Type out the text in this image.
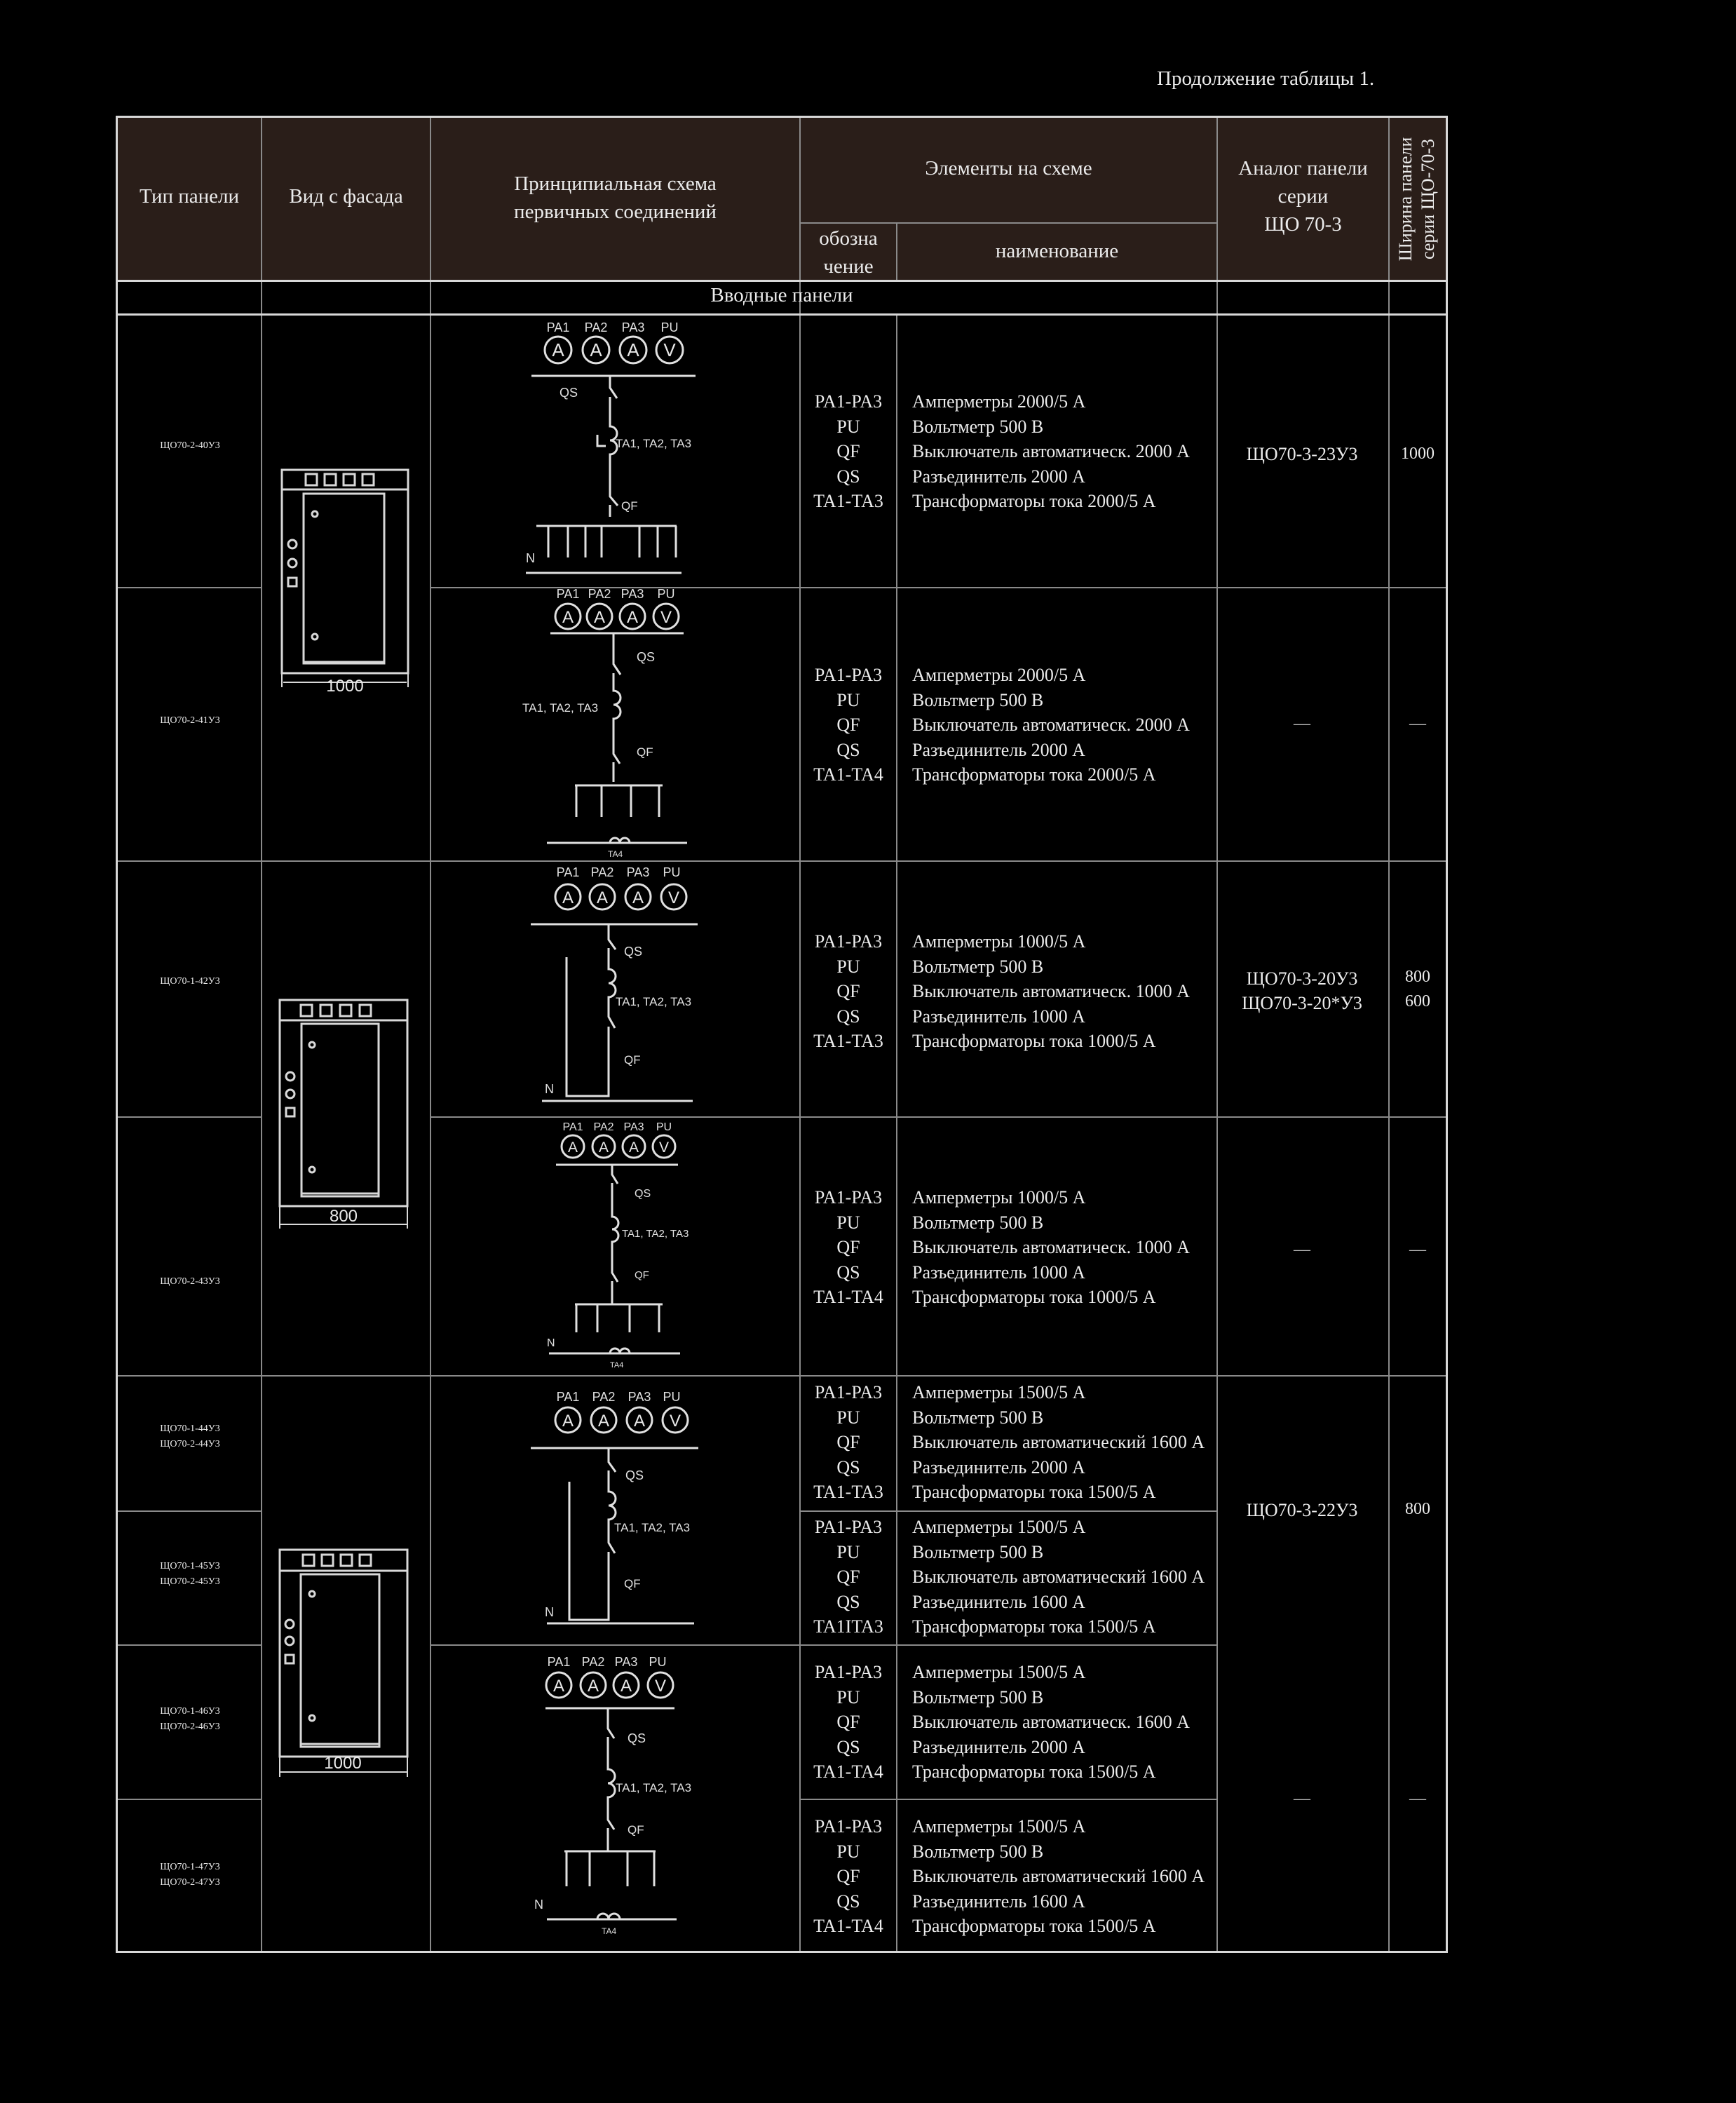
Продолжение таблицы 1.
Тип панели	Вид с фасада
Принципиальная схема
первичных соединений
Элементы на схеме
обозна
чение
наименование
Аналог панели
серии
ЩО 70-3	Ширина панели серии ЩО-70-3
Вводные панели
ЩО70-2-40У3
ЩО70-2-41У3
ЩО70-1-42У3
ЩО70-2-43У3
ЩО70-1-44У3
ЩО70-2-44У3
ЩО70-1-45У3
ЩО70-2-45У3
ЩО70-1-46У3
ЩО70-2-46У3
ЩО70-1-47У3
ЩО70-2-47У3
1000
800
1000
PA1 PA2 PA3 PU
A A A V
QS
TA1, TA2, TA3
QF
N
PA1 PA2 PA3 PU
A A A V
QS
TA1, TA2, TA3
QF
TA4
PA1 PA2 PA3 PU
A A A V
QS
TA1, TA2, TA3
QF
N
PA1 PA2 PA3 PU
A A A V
QS
TA1, TA2, TA3
QF
N
TA4
PA1 PA2 PA3 PU
A A A V
QS
TA1, TA2, TA3
QF
N
PA1 PA2 PA3 PU
A A A V
QS
TA1, TA2, TA3
QF
N
TA4
PA1-PA3
PU
QF
QS
TA1-TA3
Амперметры 2000/5 А
Вольтметр 500 В
Выключатель автоматическ. 2000 А
Разъединитель 2000 А
Трансформаторы тока 2000/5 А
PA1-PA3
PU
QF
QS
TA1-TA4
Амперметры 2000/5 А
Вольтметр 500 В
Выключатель автоматическ. 2000 А
Разъединитель 2000 А
Трансформаторы тока 2000/5 А
PA1-PA3
PU
QF
QS
TA1-TA3
Амперметры 1000/5 А
Вольтметр 500 В
Выключатель автоматическ. 1000 А
Разъединитель 1000 А
Трансформаторы тока 1000/5 А
PA1-PA3
PU
QF
QS
TA1-TA4
Амперметры 1000/5 А
Вольтметр 500 В
Выключатель автоматическ. 1000 А
Разъединитель 1000 А
Трансформаторы тока 1000/5 А
PA1-PA3
PU
QF
QS
TA1-TA3
Амперметры 1500/5 А
Вольтметр 500 В
Выключатель автоматический 1600 А
Разъединитель 2000 А
Трансформаторы тока 1500/5 А
PA1-PA3
PU
QF
QS
TA1ITA3
Амперметры 1500/5 А
Вольтметр 500 В
Выключатель автоматический 1600 А
Разъединитель 1600 А
Трансформаторы тока 1500/5 А
PA1-PA3
PU
QF
QS
TA1-TA4
Амперметры 1500/5 А
Вольтметр 500 В
Выключатель автоматическ. 1600 А
Разъединитель 2000 А
Трансформаторы тока 1500/5 А
PA1-PA3
PU
QF
QS
TA1-TA4
Амперметры 1500/5 А
Вольтметр 500 В
Выключатель автоматический 1600 А
Разъединитель 1600 А
Трансформаторы тока 1500/5 А
ЩО70-3-23У3
—
ЩО70-3-20У3
ЩО70-3-20*У3
—
ЩО70-3-22У3
—
1000
—
800
600
—
800
—
